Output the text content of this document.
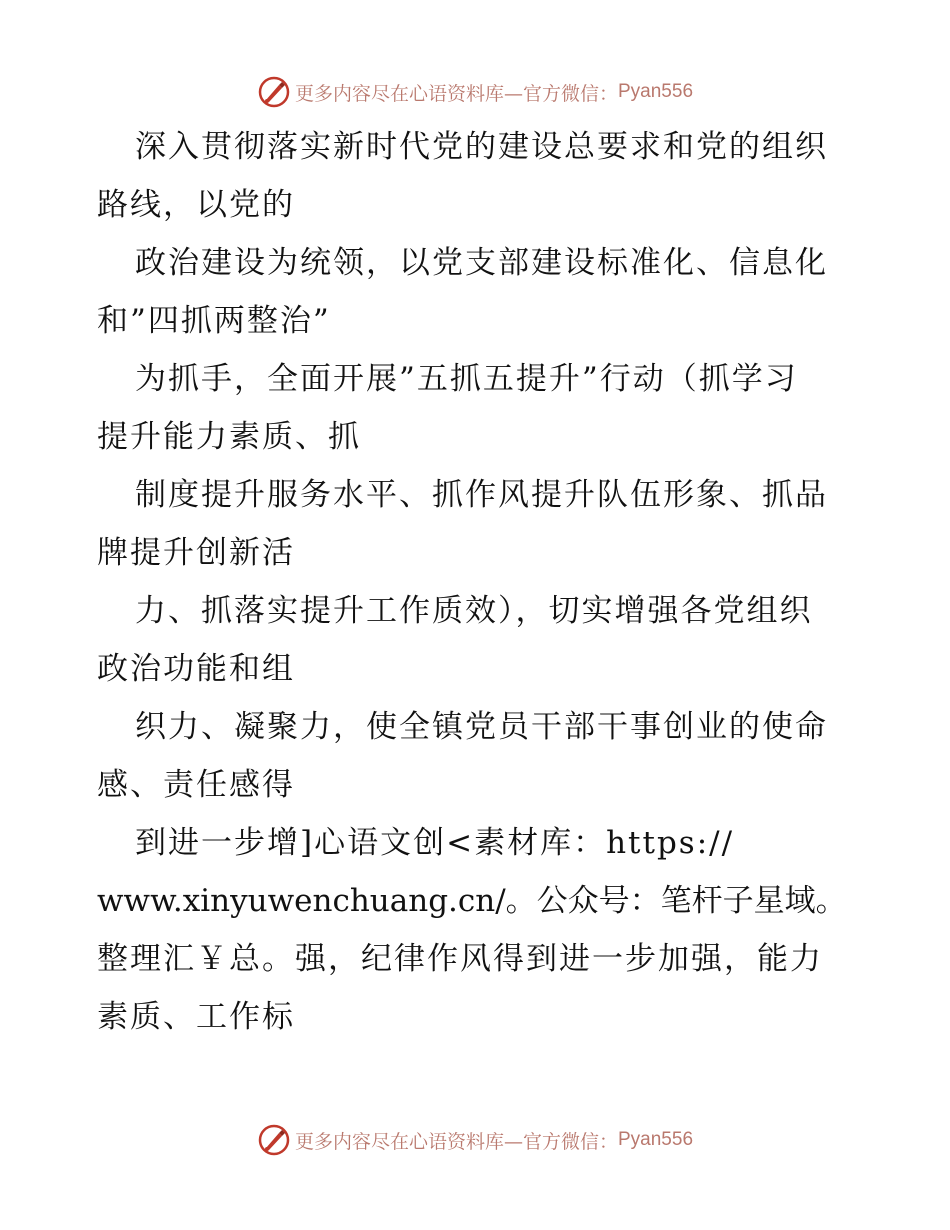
更多内容尽在心语资料库—官方微信： Pyan556
深入贯彻落实新时代党的建设总要求和党的组织
路线，以党的
政治建设为统领，以党支部建设标准化、信息化
和”四抓两整治”
为抓手，全面开展”五抓五提升”行动（抓学习
提升能力素质、抓
制度提升服务水平、抓作风提升队伍形象、抓品
牌提升创新活
力、抓落实提升工作质效），切实增强各党组织
政治功能和组
织力、凝聚力，使全镇党员干部干事创业的使命
感、责任感得
到进一步增]心语文创<素材库：https://
www.xinyuwenchuang.cn/。公众号：笔杆子星域。
整理汇￥总。强，纪律作风得到进一步加强，能力
素质、工作标
更多内容尽在心语资料库—官方微信： Pyan556
